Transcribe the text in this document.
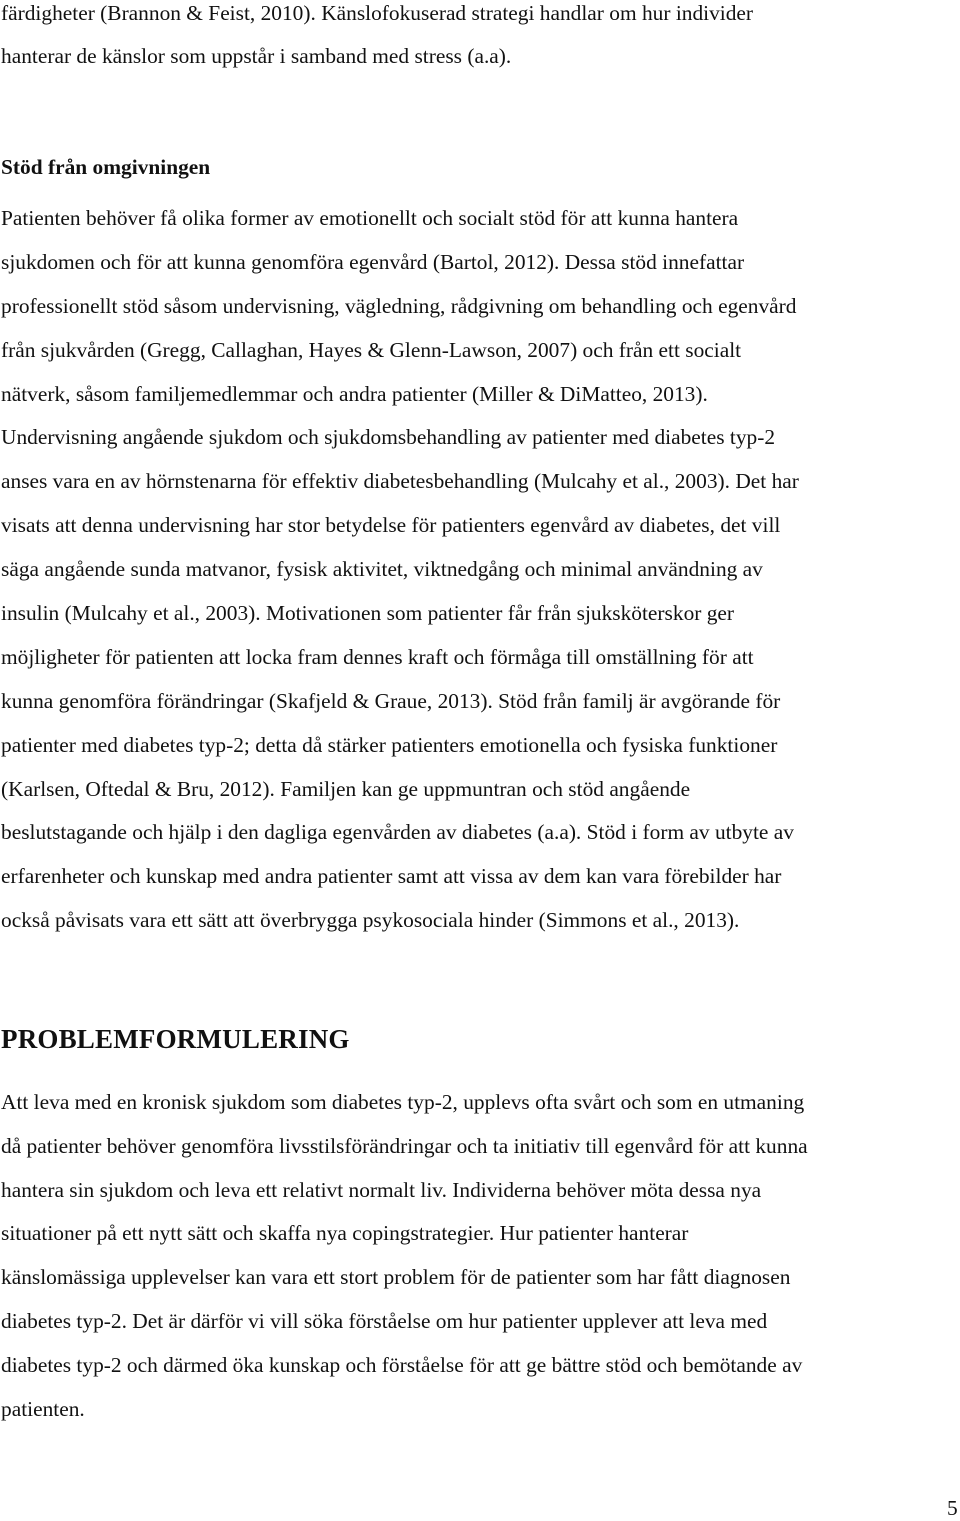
färdigheter (Brannon & Feist, 2010). Känslofokuserad strategi handlar om hur individer

hanterar de känslor som uppstår i samband med stress (a.a).

Stöd från omgivningen

Patienten behöver få olika former av emotionellt och socialt stöd för att kunna hantera

sjukdomen och för att kunna genomföra egenvård (Bartol, 2012). Dessa stöd innefattar

professionellt stöd såsom undervisning, vägledning, rådgivning om behandling och egenvård

från sjukvården (Gregg, Callaghan, Hayes & Glenn-Lawson, 2007) och från ett socialt

nätverk, såsom familjemedlemmar och andra patienter (Miller & DiMatteo, 2013).

Undervisning angående sjukdom och sjukdomsbehandling av patienter med diabetes typ-2

anses vara en av hörnstenarna för effektiv diabetesbehandling (Mulcahy et al., 2003). Det har

visats att denna undervisning har stor betydelse för patienters egenvård av diabetes, det vill

säga angående sunda matvanor, fysisk aktivitet, viktnedgång och minimal användning av

insulin (Mulcahy et al., 2003). Motivationen som patienter får från sjuksköterskor ger

möjligheter för patienten att locka fram dennes kraft och förmåga till omställning för att

kunna genomföra förändringar (Skafjeld & Graue, 2013). Stöd från familj är avgörande för

patienter med diabetes typ-2; detta då stärker patienters emotionella och fysiska funktioner

(Karlsen, Oftedal & Bru, 2012). Familjen kan ge uppmuntran och stöd angående

beslutstagande och hjälp i den dagliga egenvården av diabetes (a.a). Stöd i form av utbyte av

erfarenheter och kunskap med andra patienter samt att vissa av dem kan vara förebilder har

också påvisats vara ett sätt att överbrygga psykosociala hinder (Simmons et al., 2013).

PROBLEMFORMULERING

Att leva med en kronisk sjukdom som diabetes typ-2, upplevs ofta svårt och som en utmaning

då patienter behöver genomföra livsstilsförändringar och ta initiativ till egenvård för att kunna

hantera sin sjukdom och leva ett relativt normalt liv. Individerna behöver möta dessa nya

situationer på ett nytt sätt och skaffa nya copingstrategier. Hur patienter hanterar

känslomässiga upplevelser kan vara ett stort problem för de patienter som har fått diagnosen

diabetes typ-2. Det är därför vi vill söka förståelse om hur patienter upplever att leva med

diabetes typ-2 och därmed öka kunskap och förståelse för att ge bättre stöd och bemötande av

patienten.

5
